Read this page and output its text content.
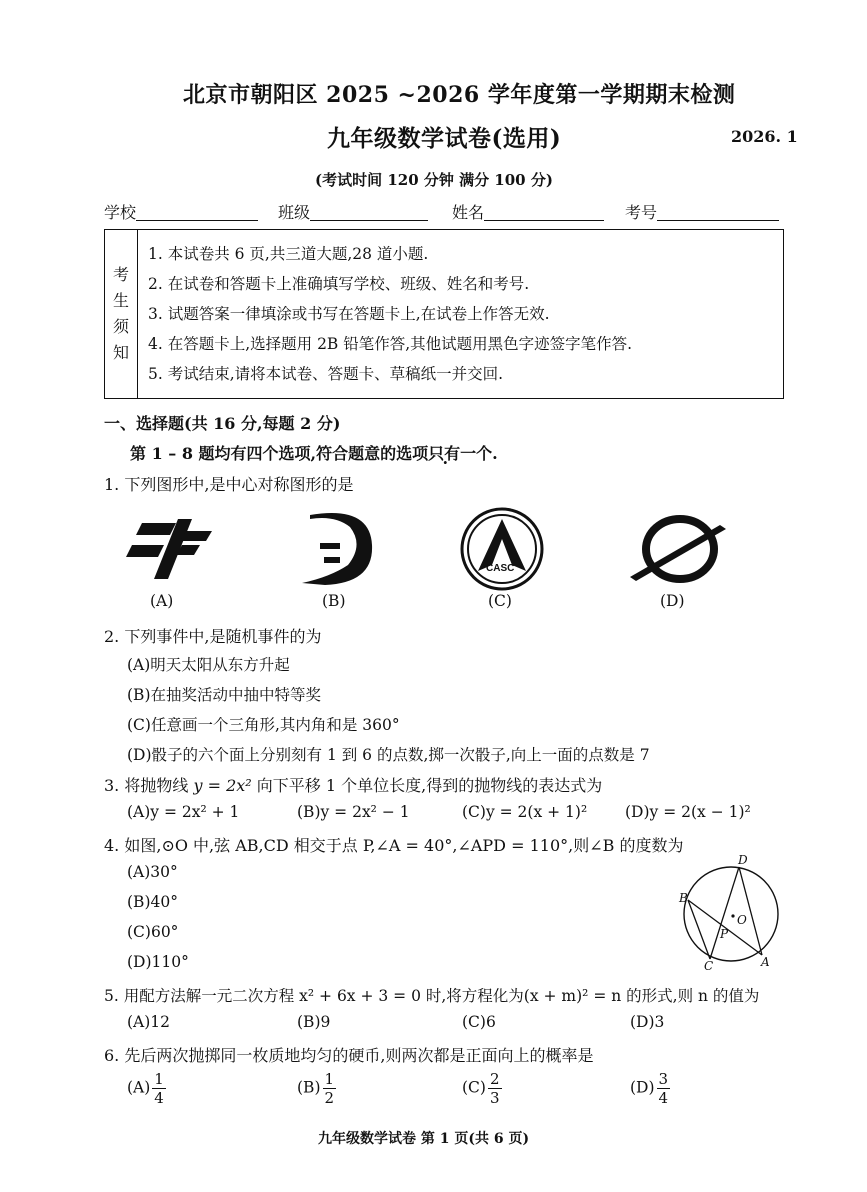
北京市朝阳区 2025 ~2026 学年度第一学期期末检测
九年级数学试卷(选用)	2026. 1
(考试时间 120 分钟 满分 100 分)
学校	班级	姓名	考号
考
生
须
知

1. 本试卷共 6 页,共三道大题,28 道小题.
2. 在试卷和答题卡上准确填写学校、班级、姓名和考号.
3. 试题答案一律填涂或书写在答题卡上,在试卷上作答无效.
4. 在答题卡上,选择题用 2B 铅笔作答,其他试题用黑色字迹签字笔作答.
5. 考试结束,请将本试卷、答题卡、草稿纸一并交回.
一、选择题(共 16 分,每题 2 分)
第 1 – 8 题均有四个选项,符合题意的选项只有一个.
1. 下列图形中,是中心对称图形的是
CASC
(A)	(B)	(C)	(D)
2. 下列事件中,是随机事件的为
(A)明天太阳从东方升起
(B)在抽奖活动中抽中特等奖
(C)任意画一个三角形,其内角和是 360°
(D)骰子的六个面上分别刻有 1 到 6 的点数,掷一次骰子,向上一面的点数是 7
3. 将抛物线 y = 2x² 向下平移 1 个单位长度,得到的抛物线的表达式为
(A)y = 2x² + 1	(B)y = 2x² − 1	(C)y = 2(x + 1)² (D)y = 2(x − 1)²
4. 如图,⊙O 中,弦 AB,CD 相交于点 P,∠A = 40°,∠APD = 110°,则∠B 的度数为
(A)30°
(B)40°
(C)60°
(D)110°
D
B
O
P
C	A
5. 用配方法解一元二次方程 x² + 6x + 3 = 0 时,将方程化为(x + m)² = n 的形式,则 n 的值为
(A)12	(B)9	(C)6	(D)3
6. 先后两次抛掷同一枚质地均匀的硬币,则两次都是正面向上的概率是
$(A) \frac{1}{4}$	$(B) \frac{1}{2}$	$(C) \frac{2}{3}$	$(D) \frac{3}{4}$
九年级数学试卷 第 1 页(共 6 页)
